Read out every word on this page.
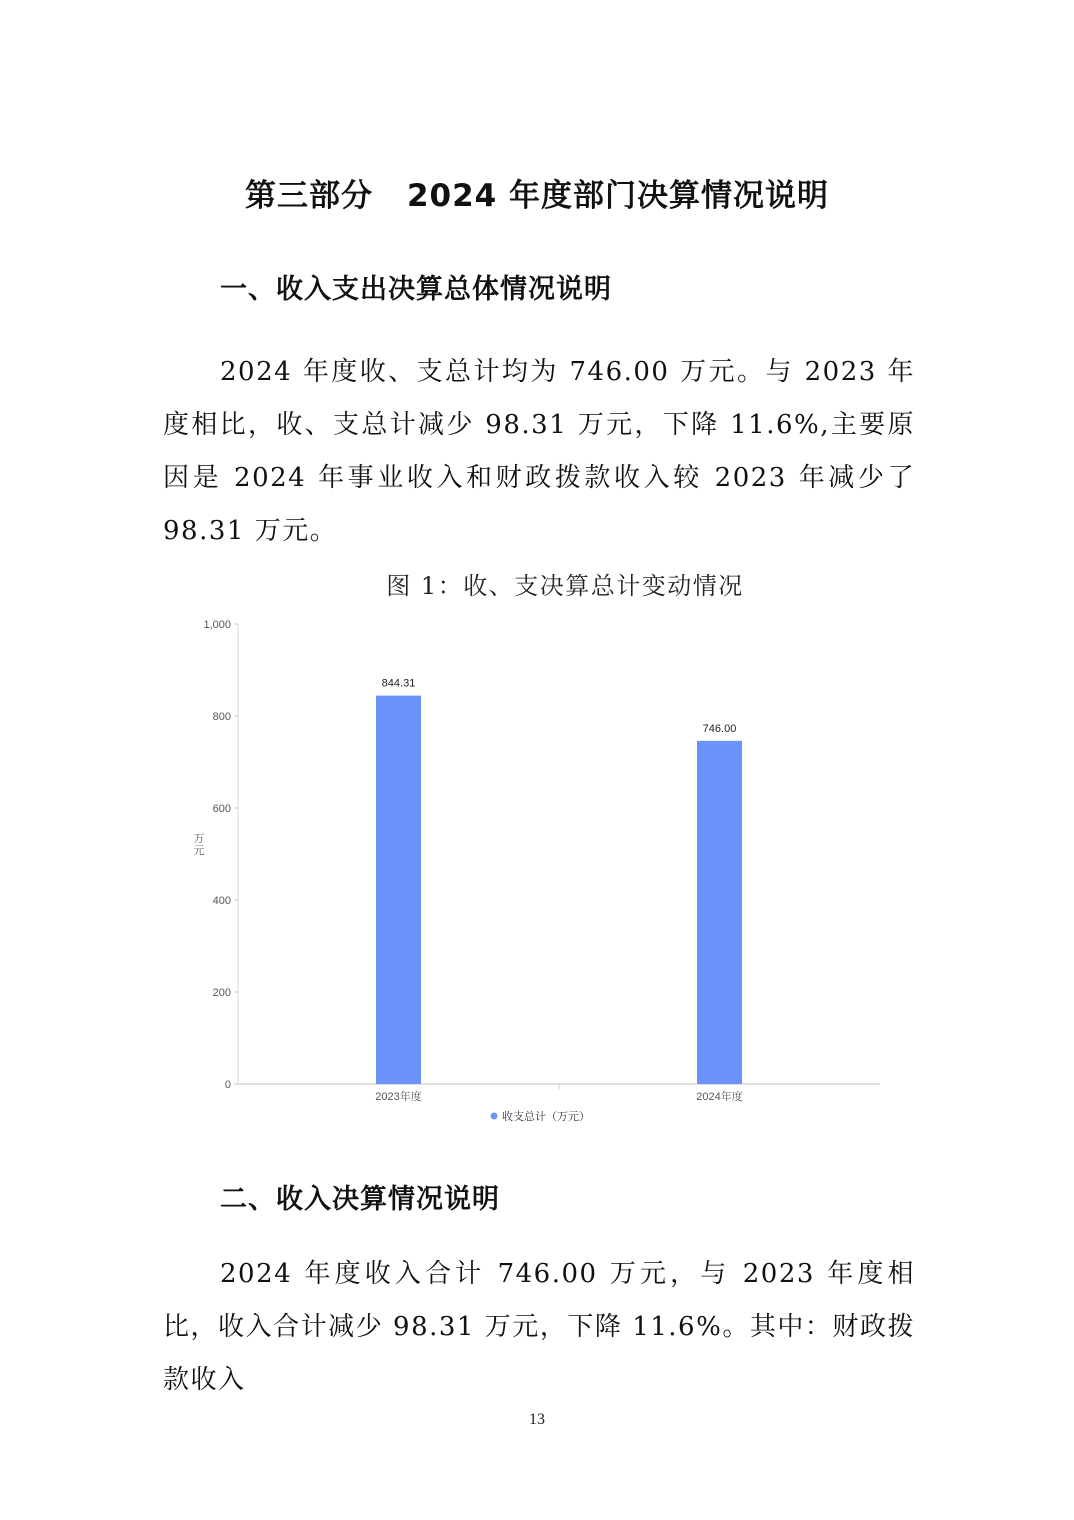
第三部分 2024 年度部门决算情况说明
一、收入支出决算总体情况说明
2024 年度收、支总计均为 746.00 万元。与 2023 年度相比，收、支总计减少 98.31 万元，下降 11.6%,主要原因是 2024 年事业收入和财政拨款收入较 2023 年减少了 98.31 万元。
图 1：收、支决算总计变动情况
0
200
400
600
800
1,000
844.31
746.00
2023年度	2024年度
万元
收支总计（万元）
二、收入决算情况说明
2024 年度收入合计 746.00 万元，与 2023 年度相比，收入合计减少 98.31 万元，下降 11.6%。其中：财政拨款收入
13
